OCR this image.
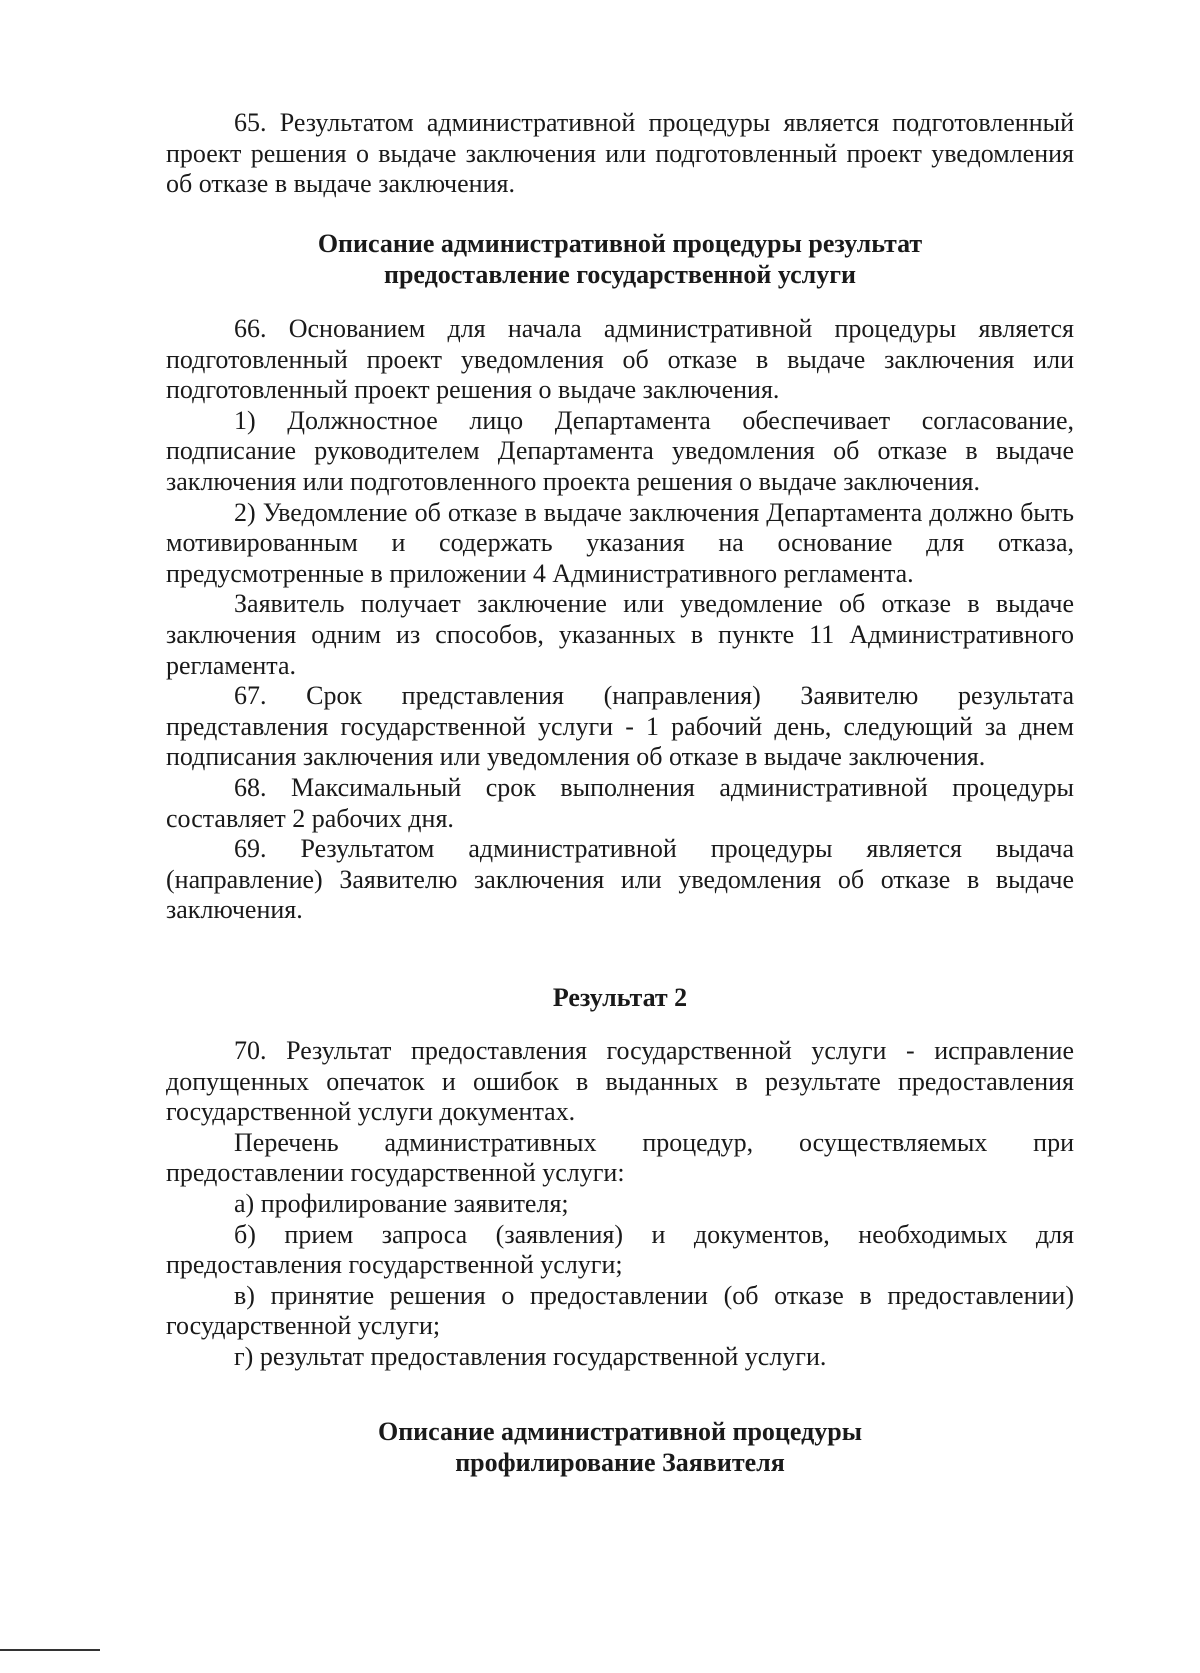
65. Результатом административной процедуры является подготовленный проект решения о выдаче заключения или подготовленный проект уведомления об отказе в выдаче заключения.

Описание административной процедуры результат
предоставление государственной услуги

66. Основанием для начала административной процедуры является подготовленный проект уведомления об отказе в выдаче заключения или подготовленный проект решения о выдаче заключения.

1) Должностное лицо Департамента обеспечивает согласование, подписание руководителем Департамента уведомления об отказе в выдаче заключения или подготовленного проекта решения о выдаче заключения.

2) Уведомление об отказе в выдаче заключения Департамента должно быть мотивированным и содержать указания на основание для отказа, предусмотренные в приложении 4 Административного регламента.

Заявитель получает заключение или уведомление об отказе в выдаче заключения одним из способов, указанных в пункте 11 Административного регламента.

67. Срок представления (направления) Заявителю результата представления государственной услуги - 1 рабочий день, следующий за днем подписания заключения или уведомления об отказе в выдаче заключения.

68. Максимальный срок выполнения административной процедуры составляет 2 рабочих дня.

69. Результатом административной процедуры является выдача (направление) Заявителю заключения или уведомления об отказе в выдаче заключения.

Результат 2

70. Результат предоставления государственной услуги - исправление допущенных опечаток и ошибок в выданных в результате предоставления государственной услуги документах.

Перечень административных процедур, осуществляемых при предоставлении государственной услуги:

а) профилирование заявителя;

б) прием запроса (заявления) и документов, необходимых для предоставления государственной услуги;

в) принятие решения о предоставлении (об отказе в предоставлении) государственной услуги;

г) результат предоставления государственной услуги.

Описание административной процедуры
профилирование Заявителя
